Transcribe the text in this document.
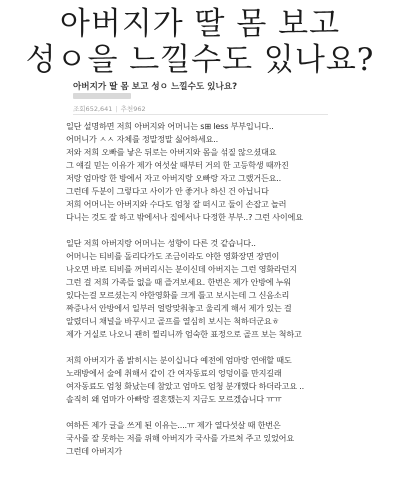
아버지가 딸 몸 보고
성ㅇ을 느낄수도 있나요?
아버지가 딸 몸 보고 성ㅇ 느낄수도 있나요?
조회652,641| 추천962
일단 설명하면 저희 아버지와 어머니는 s⊞ less 부부입니다..
어머니가 ㅅㅅ 자체를 정말정말 싫어하세요..
저와 저희 오빠를 낳은 뒤로는 아버지와 몸을 섞질 않으셨대요
그 얘길 믿는 이유가 제가 여섯살 때부터 거의 한 고등학생 때까진
저랑 엄마랑 한 방에서 자고 아버지랑 오빠랑 자고 그랬거든요..
그런데 두분이 그렇다고 사이가 안 좋거나 하신 건 아닙니다
저희 어머니는 아버지와 수다도 엄청 잘 떠시고 둘이 손잡고 놀러
다니는 것도 잘 하고 밖에서나 집에서나 다정한 부부..? 그런 사이에요
일단 저희 아버지랑 어머니는 성향이 다른 것 같습니다..
어머니는 티비를 돌리다가도 조금이라도 야한 영화장면 장면이
나오면 바로 티비를 꺼버리시는 분이신데 아버지는 그런 영화라던지
그런 걸 저희 가족들 없을 때 즐겨보세요. 한번은 제가 안방에 누워
있다는걸 모르셨는지 야한영화를 크게 틀고 보시는데 그 신음소리
짜증나서 안방에서 일부러 얼랑맞춰놓고 울리게 해서 제가 있는 걸
알렸더니 채널을 바꾸시고 골프를 열심히 보시는 척하더군요ㅎ
제가 거실로 나오니 괜히 찔리니까 엄숙한 표정으로 골프 보는 척하고
저희 아버지가 좀 밝히시는 분이십니다 예전에 엄마랑 연애할 때도
노래방에서 술에 취해서 같이 간 여자동료의 엉덩이를 만지길래
여자동료도 엄청 화났는데 참았고 엄마도 엄청 분개했다 하더라고요 ..
솔직히 왜 엄마가 아빠랑 결혼했는지 지금도 모르겠습니다 ㅠㅠ
여하튼 제가 글을 쓰게 된 이유는....ㅠ 제가 열다섯살 때 한번은
국사를 잘 못하는 저를 위해 아버지가 국사를 가르쳐 주고 있었어요
그런데 아버지가
